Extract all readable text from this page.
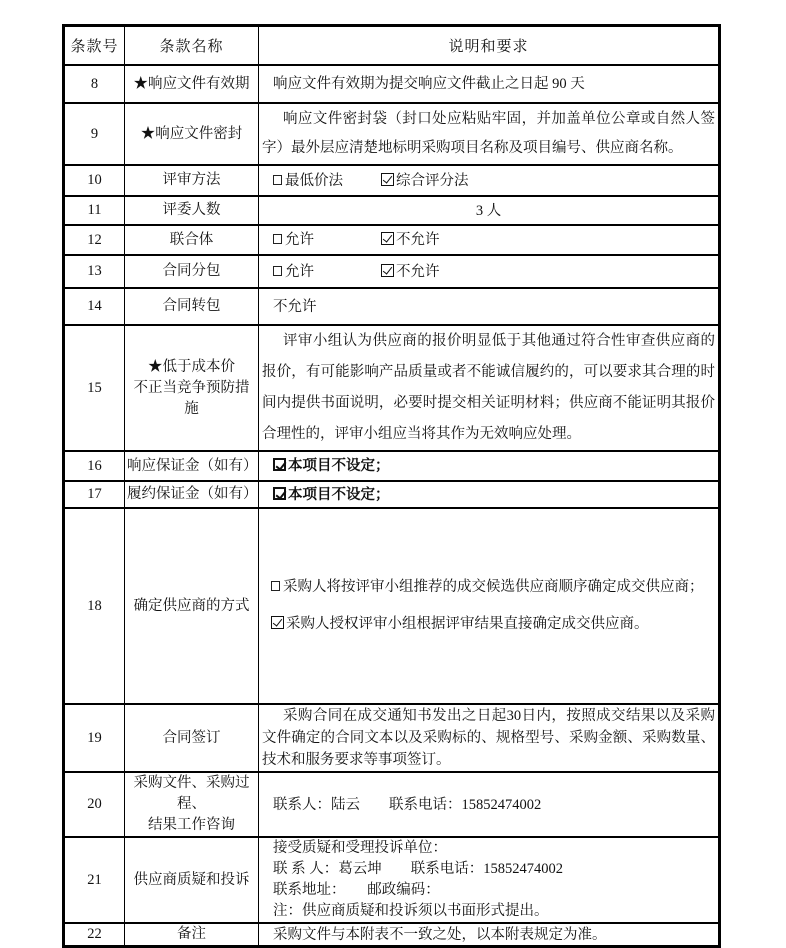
条款号	条款名称	说明和要求
8	★响应文件有效期	响应文件有效期为提交响应文件截止之日起 90 天

9	★响应文件密封	响应文件密封袋（封口处应粘贴牢固，并加盖单位公章或自然人签字）最外层应清楚地标明采购项目名称及项目编号、供应商名称。

10	评审方法	最低价法 综合评分法

11	评委人数	3 人

12	联合体	允许 不允许

13	合同分包	允许 不允许

14	合同转包	不允许

15	★低于成本价
不正当竞争预防措施	评审小组认为供应商的报价明显低于其他通过符合性审查供应商的报价，有可能影响产品质量或者不能诚信履约的，可以要求其合理的时间内提供书面说明，必要时提交相关证明材料；供应商不能证明其报价合理性的，评审小组应当将其作为无效响应处理。

16	响应保证金（如有）	本项目不设定；

17	履约保证金（如有）	本项目不设定；

18	确定供应商的方式	采购人将按评审小组推荐的成交候选供应商顺序确定成交供应商；
采购人授权评审小组根据评审结果直接确定成交供应商。

19	合同签订	采购合同在成交通知书发出之日起30日内，按照成交结果以及采购文件确定的合同文本以及采购标的、规格型号、采购金额、采购数量、技术和服务要求等事项签订。

20	采购文件、采购过程、
结果工作咨询	联系人：陆云　　联系电话：15852474002

21	供应商质疑和投诉	接受质疑和受理投诉单位：
联 系 人：葛云坤　　联系电话：15852474002
联系地址：　　邮政编码：
注：供应商质疑和投诉须以书面形式提出。

22	备注	采购文件与本附表不一致之处，以本附表规定为准。
